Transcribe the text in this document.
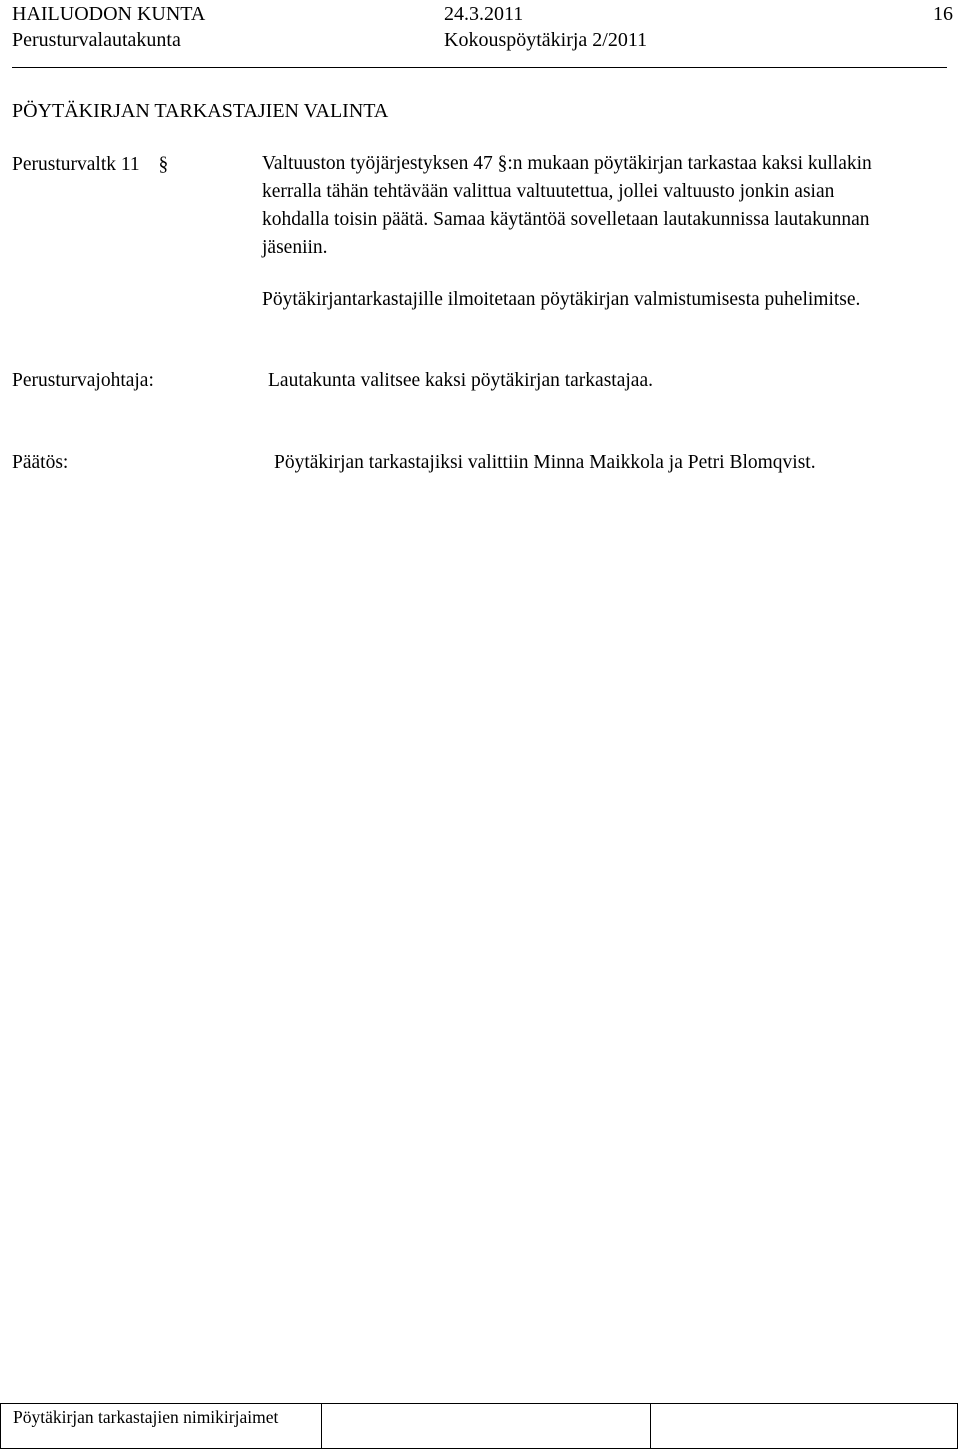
HAILUODON KUNTA	24.3.2011	16
Perusturvalautakunta	Kokouspöytäkirja 2/2011
PÖYTÄKIRJAN TARKASTAJIEN VALINTA
Perusturvaltk 11 §	Valtuuston työjärjestyksen 47 §:n mukaan pöytäkirjan tarkastaa kaksi kullakin kerralla tähän tehtävään valittua valtuutettua, jollei valtuusto jonkin asian kohdalla toisin päätä. Samaa käytäntöä sovelletaan lautakunnissa lautakunnan jäseniin.
Pöytäkirjantarkastajille ilmoitetaan pöytäkirjan valmistumisesta puhelimitse.
Perusturvajohtaja:	Lautakunta valitsee kaksi pöytäkirjan tarkastajaa.
Päätös:	Pöytäkirjan tarkastajiksi valittiin Minna Maikkola ja Petri Blomqvist.
Pöytäkirjan tarkastajien nimikirjaimet		
